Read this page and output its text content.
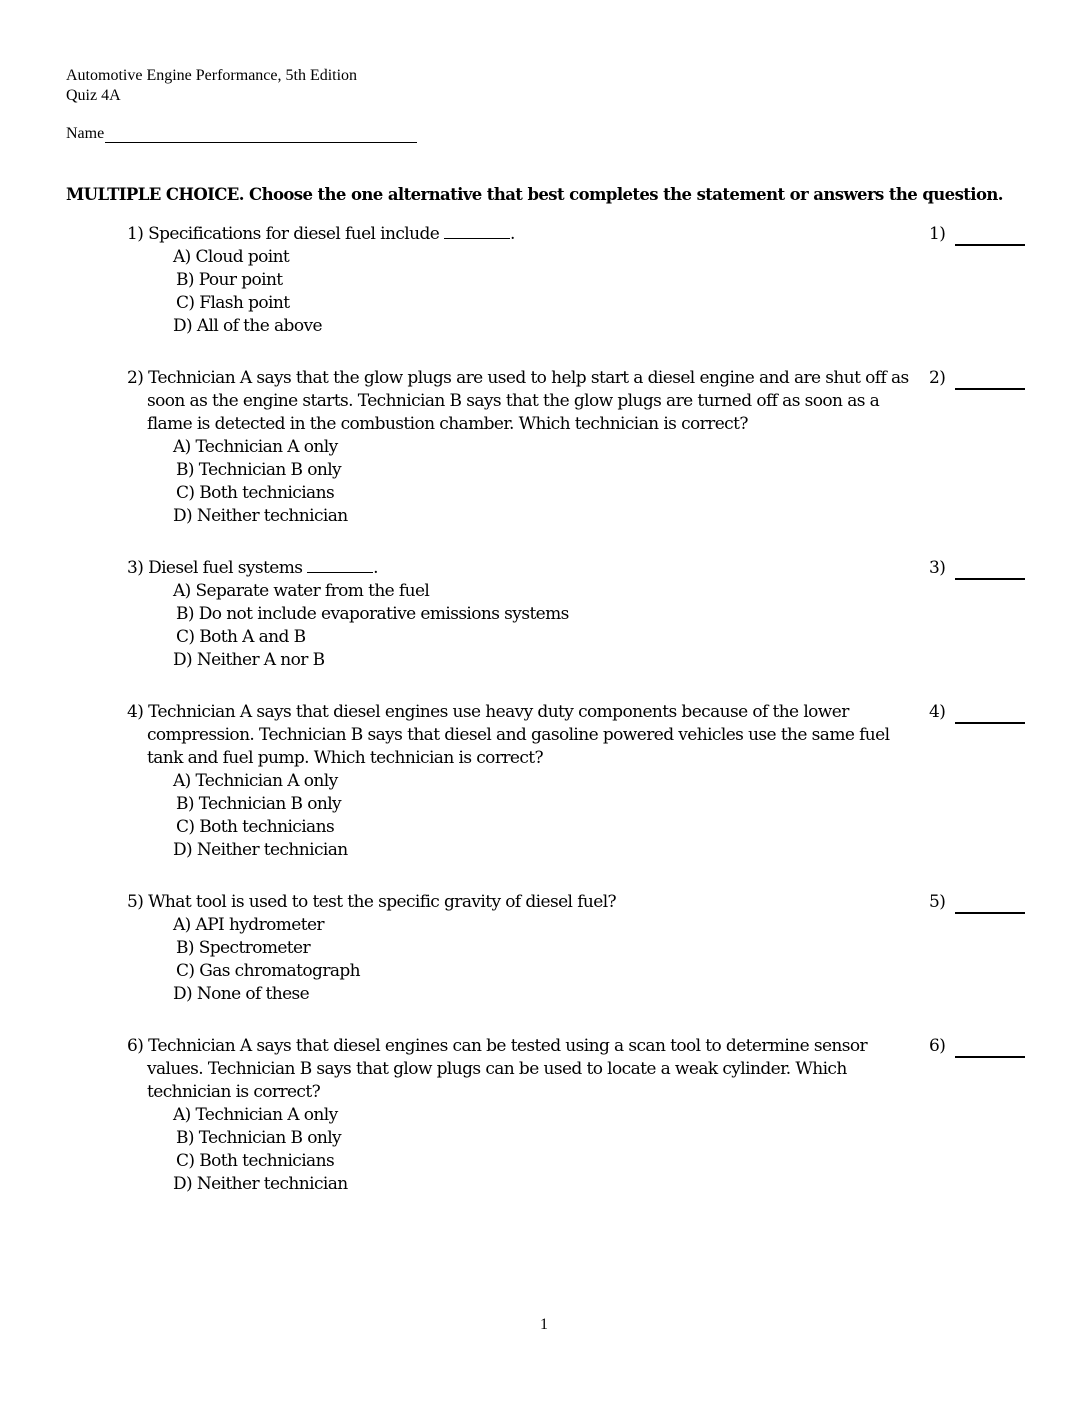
Automotive Engine Performance, 5th Edition
Quiz 4A
Name
MULTIPLE CHOICE. Choose the one alternative that best completes the statement or answers the question.
1) Specifications for diesel fuel include	.
A) Cloud point
B) Pour point
C) Flash point
D) All of the above
1)
2) Technician A says that the glow plugs are used to help start a diesel engine and are shut off as soon as the engine starts. Technician B says that the glow plugs are turned off as soon as a flame is detected in the combustion chamber. Which technician is correct?
A) Technician A only
B) Technician B only
C) Both technicians
D) Neither technician
2)
3) Diesel fuel systems	.
A) Separate water from the fuel
B) Do not include evaporative emissions systems
C) Both A and B
D) Neither A nor B
3)
4) Technician A says that diesel engines use heavy duty components because of the lower compression. Technician B says that diesel and gasoline powered vehicles use the same fuel tank and fuel pump. Which technician is correct?
A) Technician A only
B) Technician B only
C) Both technicians
D) Neither technician
4)
5) What tool is used to test the specific gravity of diesel fuel?
A) API hydrometer
B) Spectrometer
C) Gas chromatograph
D) None of these
5)
6) Technician A says that diesel engines can be tested using a scan tool to determine sensor values. Technician B says that glow plugs can be used to locate a weak cylinder. Which technician is correct?
A) Technician A only
B) Technician B only
C) Both technicians
D) Neither technician
6)
1
